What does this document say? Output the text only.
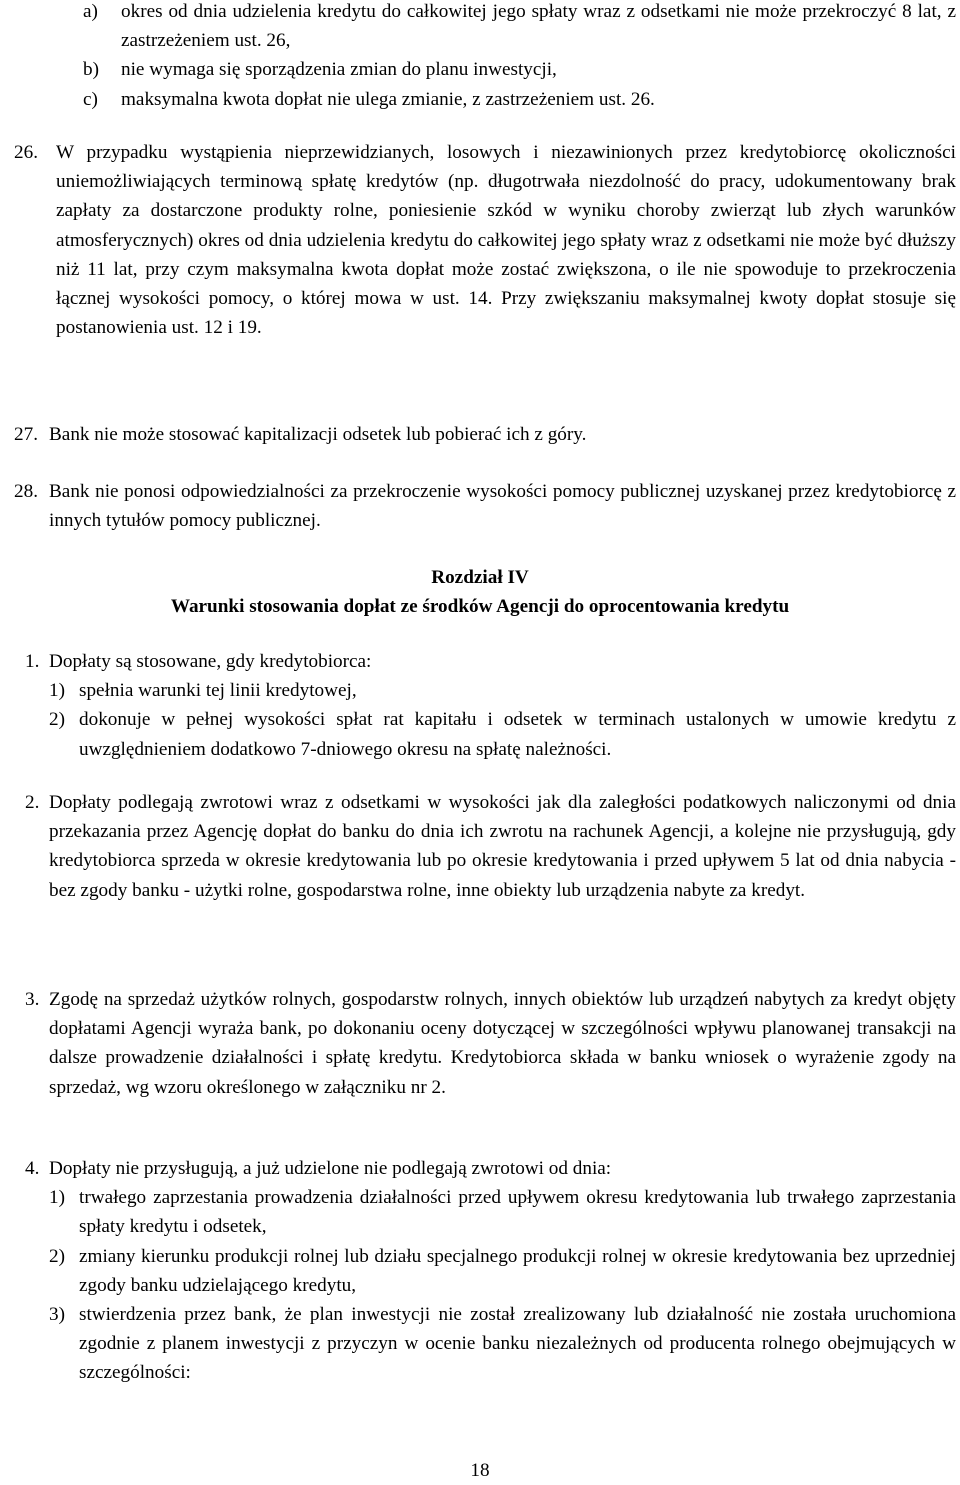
a) okres od dnia udzielenia kredytu do całkowitej jego spłaty wraz z odsetkami nie może przekroczyć 8 lat, z zastrzeżeniem ust. 26,
b) nie wymaga się sporządzenia zmian do planu inwestycji,
c) maksymalna kwota dopłat nie ulega zmianie, z zastrzeżeniem ust. 26.
26. W przypadku wystąpienia nieprzewidzianych, losowych i niezawinionych przez kredytobiorcę okoliczności uniemożliwiających terminową spłatę kredytów (np. długotrwała niezdolność do pracy, udokumentowany brak zapłaty za dostarczone produkty rolne, poniesienie szkód w wyniku choroby zwierząt lub złych warunków atmosferycznych) okres od dnia udzielenia kredytu do całkowitej jego spłaty wraz z odsetkami nie może być dłuższy niż 11 lat, przy czym maksymalna kwota dopłat może zostać zwiększona, o ile nie spowoduje to przekroczenia łącznej wysokości pomocy, o której mowa w ust. 14. Przy zwiększaniu maksymalnej kwoty dopłat stosuje się postanowienia ust. 12 i 19.
27. Bank nie może stosować kapitalizacji odsetek lub pobierać ich z góry.
28. Bank nie ponosi odpowiedzialności za przekroczenie wysokości pomocy publicznej uzyskanej przez kredytobiorcę z innych tytułów pomocy publicznej.
Rozdział IV
Warunki stosowania dopłat ze środków Agencji do oprocentowania kredytu
1. Dopłaty są stosowane, gdy kredytobiorca:
1) spełnia warunki tej linii kredytowej,
2) dokonuje w pełnej wysokości spłat rat kapitału i odsetek w terminach ustalonych w umowie kredytu z uwzględnieniem dodatkowo 7-dniowego okresu na spłatę należności.
2. Dopłaty podlegają zwrotowi wraz z odsetkami w wysokości jak dla zaległości podatkowych naliczonymi od dnia przekazania przez Agencję dopłat do banku do dnia ich zwrotu na rachunek Agencji, a kolejne nie przysługują, gdy kredytobiorca sprzeda w okresie kredytowania lub po okresie kredytowania i przed upływem 5 lat od dnia nabycia - bez zgody banku - użytki rolne, gospodarstwa rolne, inne obiekty lub urządzenia nabyte za kredyt.
3. Zgodę na sprzedaż użytków rolnych, gospodarstw rolnych, innych obiektów lub urządzeń nabytych za kredyt objęty dopłatami Agencji wyraża bank, po dokonaniu oceny dotyczącej w szczególności wpływu planowanej transakcji na dalsze prowadzenie działalności i spłatę kredytu. Kredytobiorca składa w banku wniosek o wyrażenie zgody na sprzedaż, wg wzoru określonego w załączniku nr 2.
4. Dopłaty nie przysługują, a już udzielone nie podlegają zwrotowi od dnia:
1) trwałego zaprzestania prowadzenia działalności przed upływem okresu kredytowania lub trwałego zaprzestania spłaty kredytu i odsetek,
2) zmiany kierunku produkcji rolnej lub działu specjalnego produkcji rolnej w okresie kredytowania bez uprzedniej zgody banku udzielającego kredytu,
3) stwierdzenia przez bank, że plan inwestycji nie został zrealizowany lub działalność nie została uruchomiona zgodnie z planem inwestycji z przyczyn w ocenie banku niezależnych od producenta rolnego obejmujących w szczególności:
18
